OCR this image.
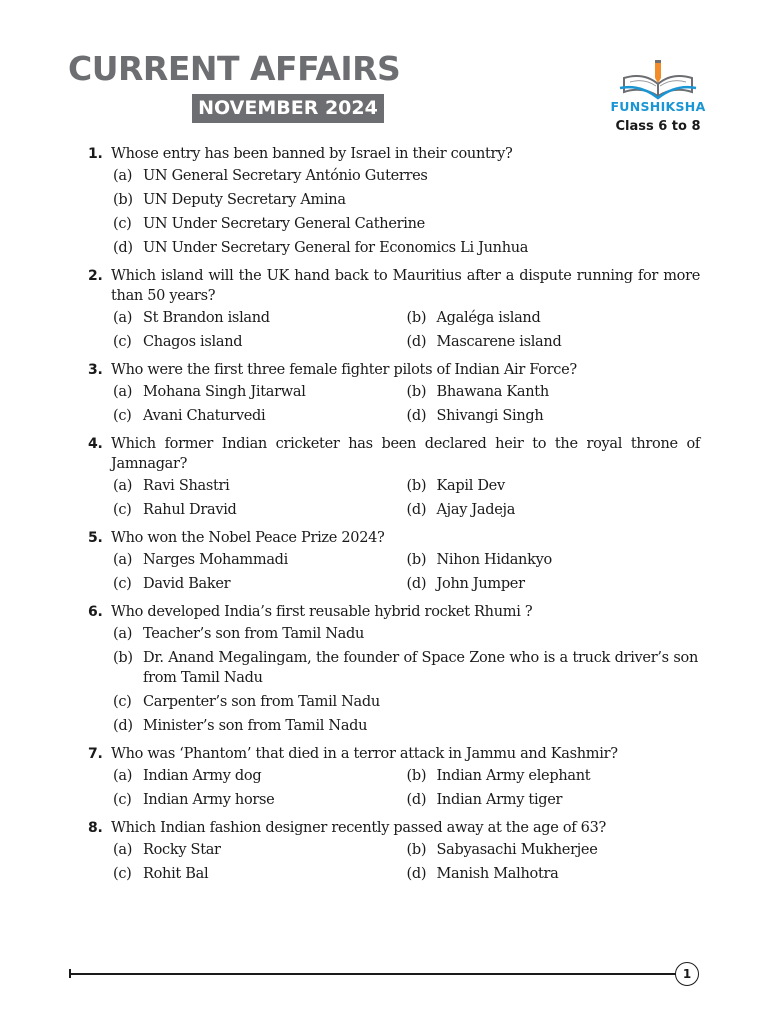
CURRENT AFFAIRS
NOVEMBER 2024	FUNSHIKSHA
Class 6 to 8
1. Whose entry has been banned by Israel in their country?
(a) UN General Secretary António Guterres
(b) UN Deputy Secretary Amina
(c) UN Under Secretary General Catherine
(d) UN Under Secretary General for Economics Li Junhua
2. Which island will the UK hand back to Mauritius after a dispute running for more than 50 years?
(a) St Brandon island	(b) Agaléga island
(c) Chagos island	(d) Mascarene island
3. Who were the first three female fighter pilots of Indian Air Force?
(a) Mohana Singh Jitarwal	(b) Bhawana Kanth
(c) Avani Chaturvedi	(d) Shivangi Singh
4. Which former Indian cricketer has been declared heir to the royal throne of Jamnagar?
(a) Ravi Shastri	(b) Kapil Dev
(c) Rahul Dravid	(d) Ajay Jadeja
5. Who won the Nobel Peace Prize 2024?
(a) Narges Mohammadi	(b) Nihon Hidankyo
(c) David Baker	(d) John Jumper
6. Who developed India’s first reusable hybrid rocket Rhumi ?
(a) Teacher’s son from Tamil Nadu
(b) Dr. Anand Megalingam, the founder of Space Zone who is a truck driver’s son from Tamil Nadu
(c) Carpenter’s son from Tamil Nadu
(d) Minister’s son from Tamil Nadu
7. Who was ‘Phantom’ that died in a terror attack in Jammu and Kashmir?
(a) Indian Army dog	(b) Indian Army elephant
(c) Indian Army horse	(d) Indian Army tiger
8. Which Indian fashion designer recently passed away at the age of 63?
(a) Rocky Star	(b) Sabyasachi Mukherjee
(c) Rohit Bal	(d) Manish Malhotra
1
